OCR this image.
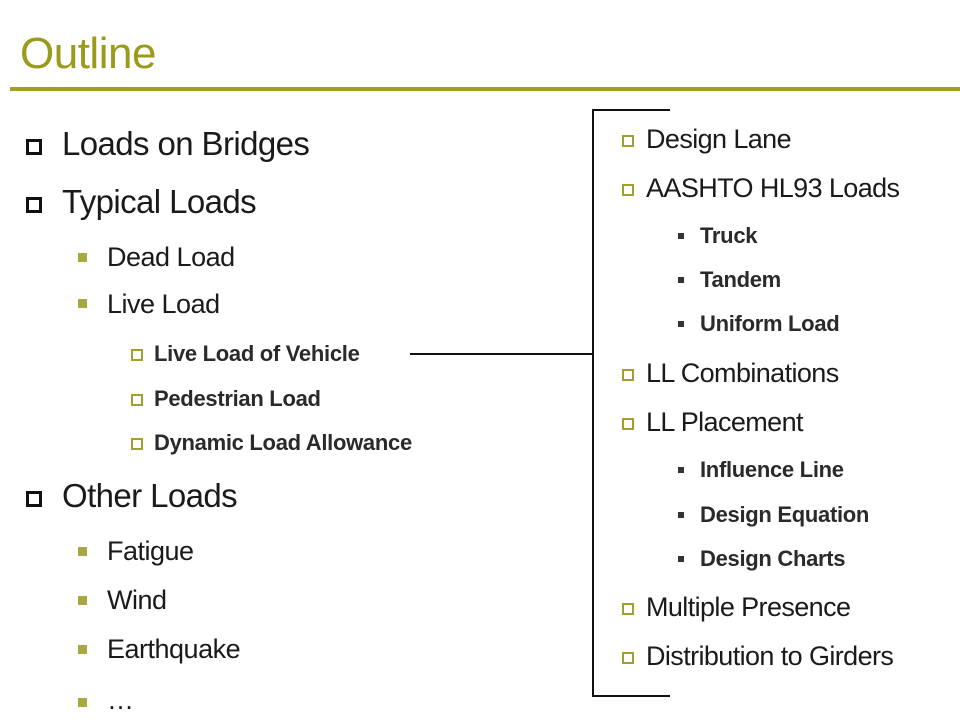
Outline
Loads on Bridges
Typical Loads
Dead Load
Live Load
Live Load of Vehicle
Pedestrian Load
Dynamic Load Allowance
Other Loads
Fatigue
Wind
Earthquake
…
Design Lane
AASHTO HL93 Loads
Truck
Tandem
Uniform Load
LL Combinations
LL Placement
Influence Line
Design Equation
Design Charts
Multiple Presence
Distribution to Girders
